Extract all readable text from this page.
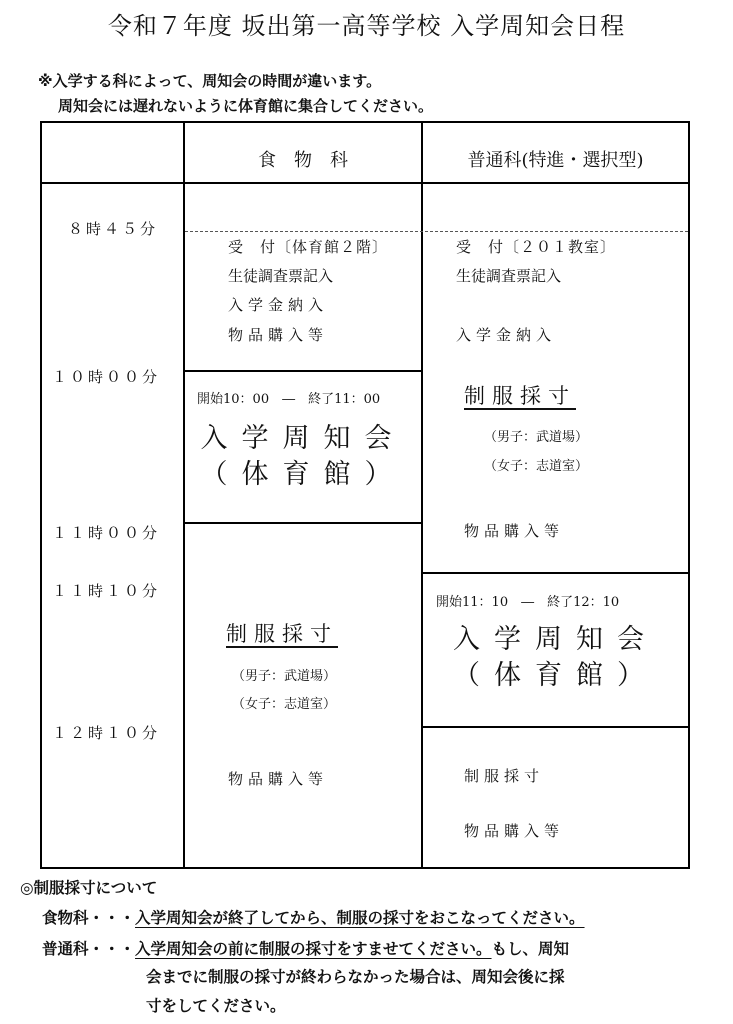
令和７年度 坂出第一高等学校 入学周知会日程
※入学する科によって、周知会の時間が違います。
周知会には遅れないように体育館に集合してください。
食　物　科	普通科(特進・選択型)
８時４５分
１０時００分
１１時００分
１１時１０分
１２時１０分
受　付〔体育館２階〕
生徒調査票記入
入学金納入
物品購入等
開始10：00　―　終了11：00
入学周知会
（体育館）
制服採寸
（男子：武道場）
（女子：志道室）
物品購入等
受　付〔２０１教室〕
生徒調査票記入
入学金納入
制服採寸
（男子：武道場）
（女子：志道室）
物品購入等
開始11：10　―　終了12：10
入学周知会
（体育館）
制服採寸
物品購入等
◎制服採寸について
食物科・・・入学周知会が終了してから、制服の採寸をおこなってください。
普通科・・・入学周知会の前に制服の採寸をすませてください。もし、周知
会までに制服の採寸が終わらなかった場合は、周知会後に採
寸をしてください。
